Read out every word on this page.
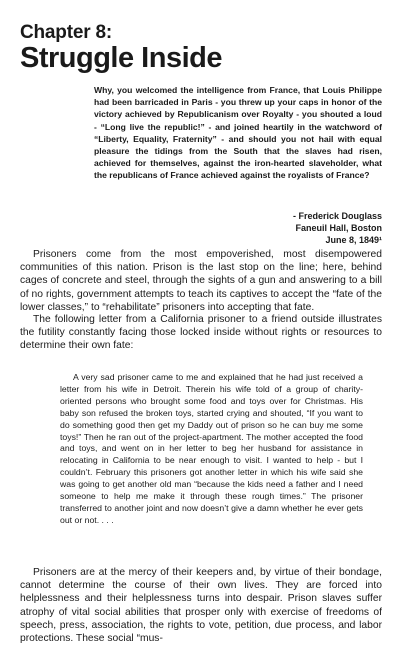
Chapter 8:
Struggle Inside
Why, you welcomed the intelligence from France, that Louis Philippe had been barricaded in Paris - you threw up your caps in honor of the victory achieved by Republicanism over Royalty - you shouted a loud - “Long live the republic!” - and joined heartily in the watchword of “Liberty, Equality, Fraternity” - and should you not hail with equal pleasure the tidings from the South that the slaves had risen, achieved for themselves, against the iron-hearted slaveholder, what the republicans of France achieved against the royalists of France?
- Frederick Douglass
Faneuil Hall, Boston
June 8, 1849¹
Prisoners come from the most empoverished, most disempowered communities of this nation. Prison is the last stop on the line; here, behind cages of concrete and steel, through the sights of a gun and answering to a bill of no rights, government attempts to teach its captives to accept the “fate of the lower classes,” to “rehabilitate” prisoners into accepting that fate.
The following letter from a California prisoner to a friend outside illustrates the futility constantly facing those locked inside without rights or resources to determine their own fate:
A very sad prisoner came to me and explained that he had just received a letter from his wife in Detroit. Therein his wife told of a group of charity-oriented persons who brought some food and toys over for Christmas. His baby son refused the broken toys, started crying and shouted, “If you want to do something good then get my Daddy out of prison so he can buy me some toys!” Then he ran out of the project-apartment. The mother accepted the food and toys, and went on in her letter to beg her husband for assistance in relocating in California to be near enough to visit. I wanted to help - but I couldn’t. February this prisoners got another letter in which his wife said she was going to get another old man “because the kids need a father and I need someone to help me make it through these rough times.” The prisoner transferred to another joint and now doesn’t give a damn whether he ever gets out or not. . . .
Prisoners are at the mercy of their keepers and, by virtue of their bondage, cannot determine the course of their own lives. They are forced into helplessness and their helplessness turns into despair. Prison slaves suffer atrophy of vital social abilities that prosper only with exercise of freedoms of speech, press, association, the rights to vote, petition, due process, and labor protections. These social “mus-
